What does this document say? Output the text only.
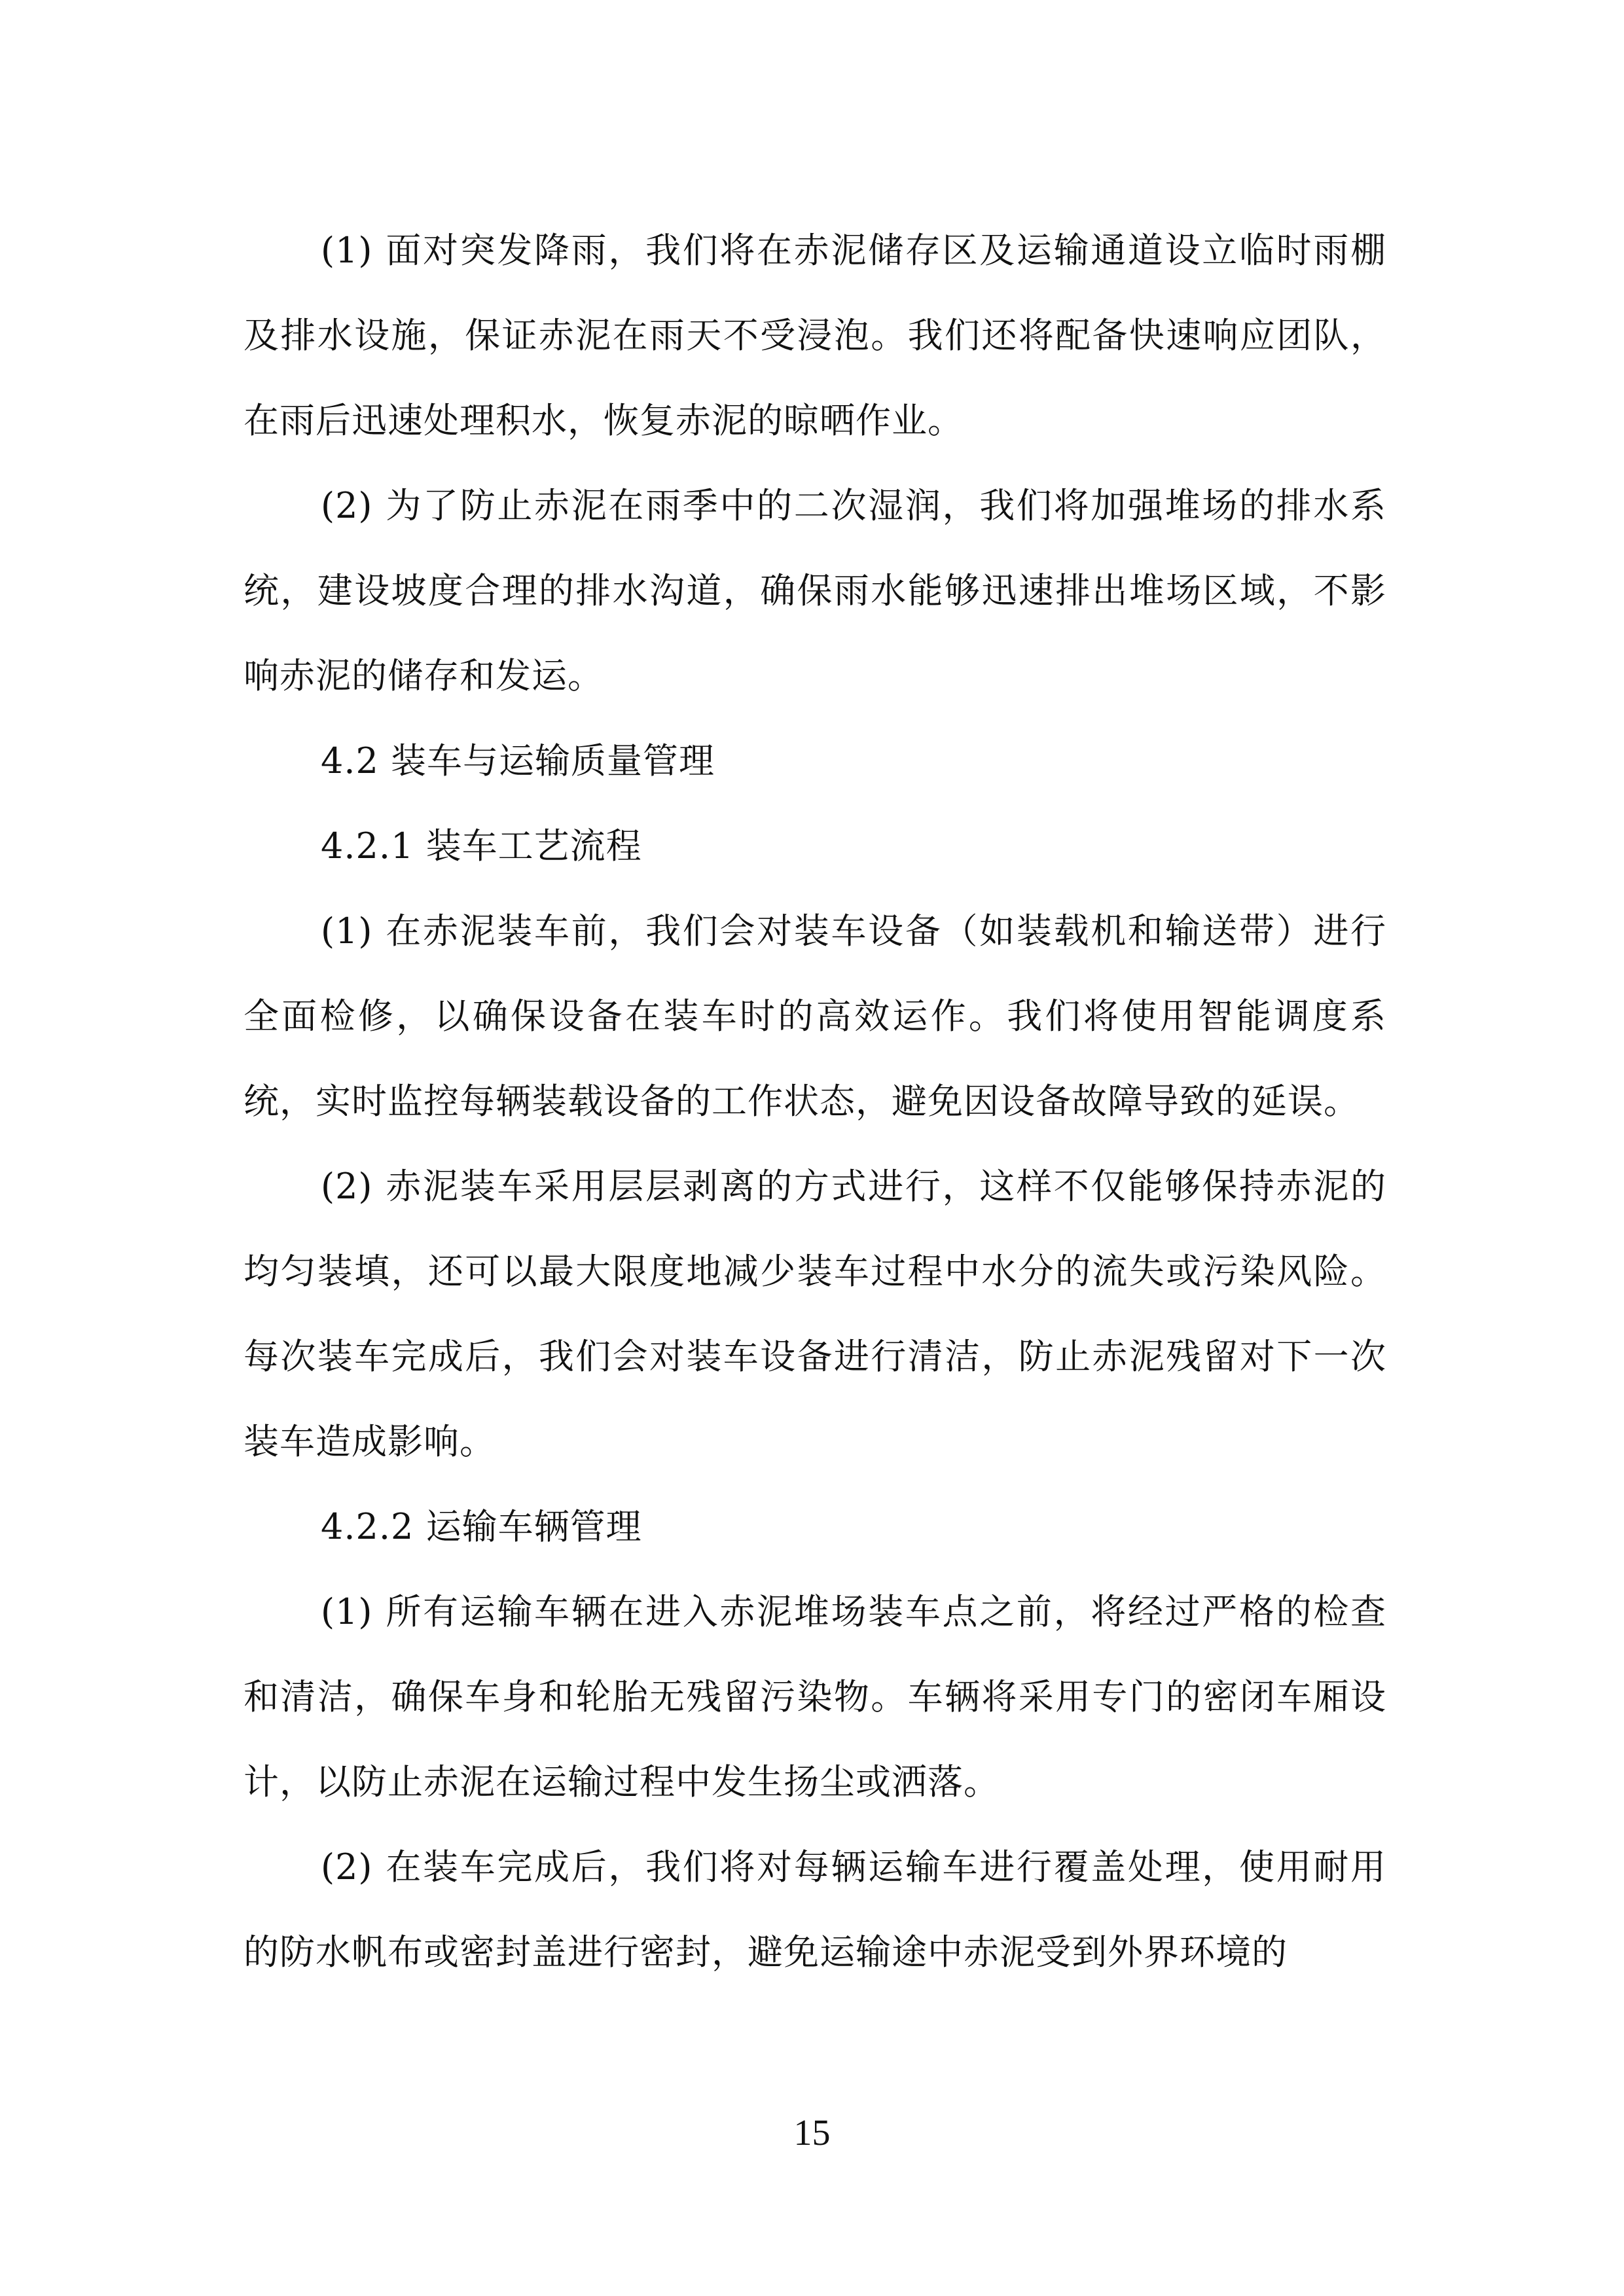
(1) 面对突发降雨，我们将在赤泥储存区及运输通道设立临时雨棚及排水设施，保证赤泥在雨天不受浸泡。我们还将配备快速响应团队，在雨后迅速处理积水，恢复赤泥的晾晒作业。

(2) 为了防止赤泥在雨季中的二次湿润，我们将加强堆场的排水系统，建设坡度合理的排水沟道，确保雨水能够迅速排出堆场区域，不影响赤泥的储存和发运。

4.2 装车与运输质量管理

4.2.1 装车工艺流程

(1) 在赤泥装车前，我们会对装车设备（如装载机和输送带）进行全面检修，以确保设备在装车时的高效运作。我们将使用智能调度系统，实时监控每辆装载设备的工作状态，避免因设备故障导致的延误。

(2) 赤泥装车采用层层剥离的方式进行，这样不仅能够保持赤泥的均匀装填，还可以最大限度地减少装车过程中水分的流失或污染风险。每次装车完成后，我们会对装车设备进行清洁，防止赤泥残留对下一次装车造成影响。

4.2.2 运输车辆管理

(1) 所有运输车辆在进入赤泥堆场装车点之前，将经过严格的检查和清洁，确保车身和轮胎无残留污染物。车辆将采用专门的密闭车厢设计，以防止赤泥在运输过程中发生扬尘或洒落。

(2) 在装车完成后，我们将对每辆运输车进行覆盖处理，使用耐用的防水帆布或密封盖进行密封，避免运输途中赤泥受到外界环境的

15
